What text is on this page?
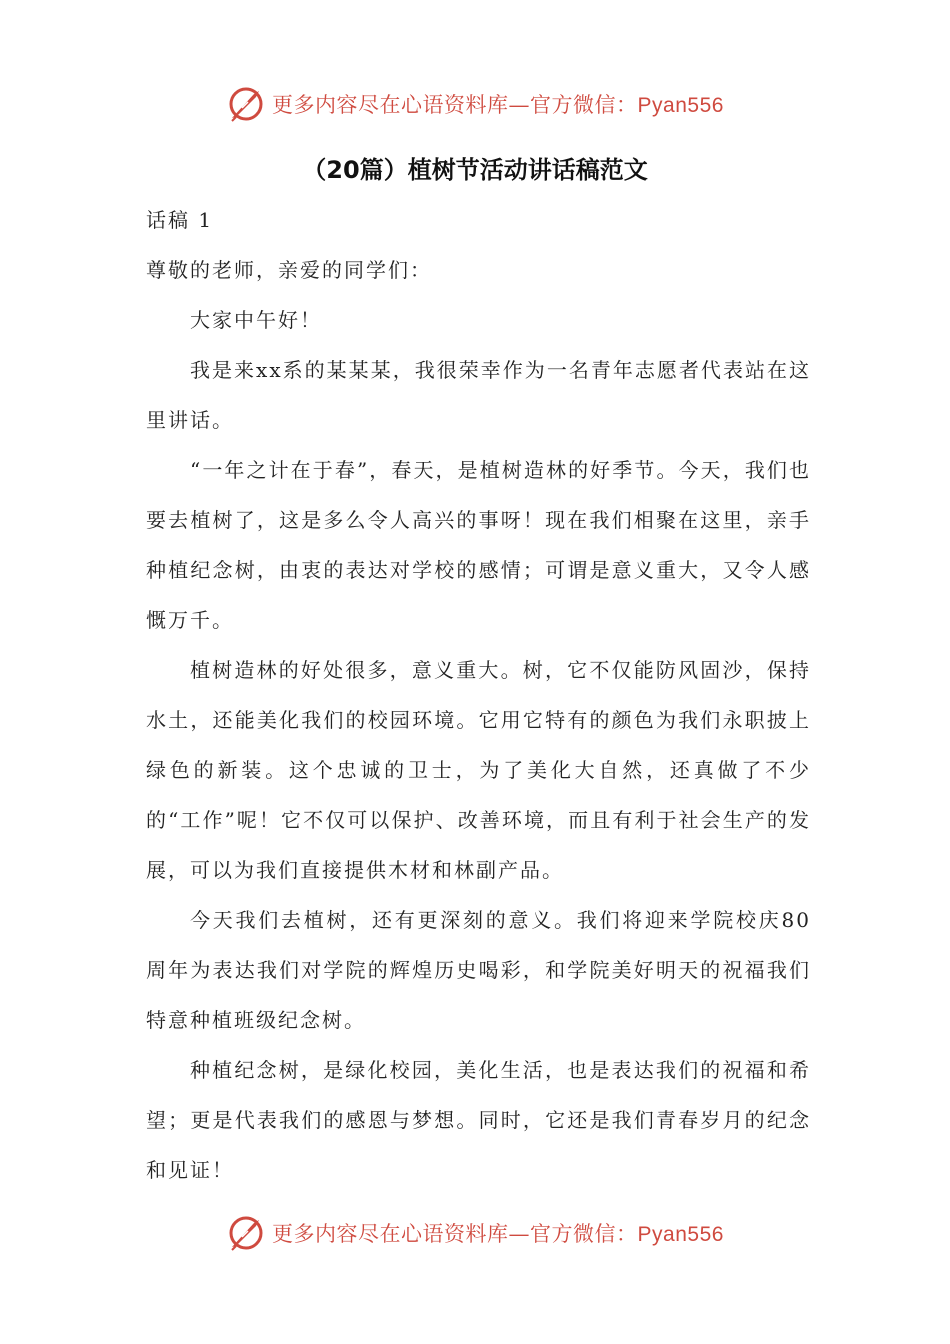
更多内容尽在心语资料库—官方微信：Pyan556
（20篇）植树节活动讲话稿范文

话稿 1

尊敬的老师，亲爱的同学们：

大家中午好！

我是来xx系的某某某，我很荣幸作为一名青年志愿者代表站在这里讲话。

“一年之计在于春”，春天，是植树造林的好季节。今天，我们也要去植树了，这是多么令人高兴的事呀！现在我们相聚在这里，亲手种植纪念树，由衷的表达对学校的感情；可谓是意义重大，又令人感慨万千。

植树造林的好处很多，意义重大。树，它不仅能防风固沙，保持水土，还能美化我们的校园环境。它用它特有的颜色为我们永职披上绿色的新装。这个忠诚的卫士，为了美化大自然，还真做了不少的“工作”呢！它不仅可以保护、改善环境，而且有利于社会生产的发展，可以为我们直接提供木材和林副产品。

今天我们去植树，还有更深刻的意义。我们将迎来学院校庆80周年为表达我们对学院的辉煌历史喝彩，和学院美好明天的祝福我们特意种植班级纪念树。

种植纪念树，是绿化校园，美化生活，也是表达我们的祝福和希望；更是代表我们的感恩与梦想。同时，它还是我们青春岁月的纪念和见证！

更多内容尽在心语资料库—官方微信：Pyan556
